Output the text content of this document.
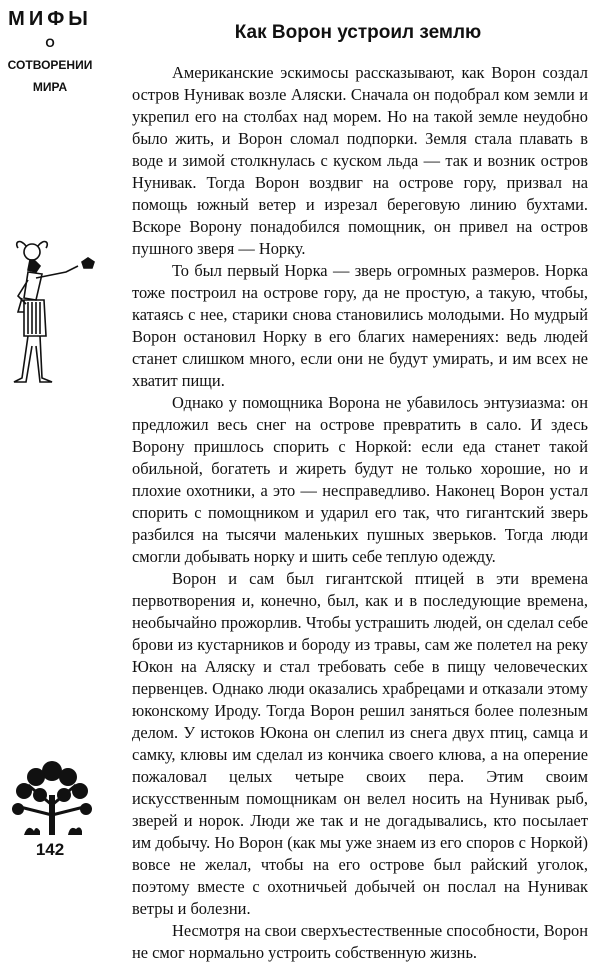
МИФЫ
О СОТВОРЕНИИ
МИРА
142
Как Ворон устроил землю

Американские эскимосы рассказывают, как Ворон создал остров Нунивак возле Аляски. Сначала он подобрал ком земли и укрепил его на столбах над морем. Но на такой земле неудобно было жить, и Ворон сломал подпорки. Земля стала плавать в воде и зимой столкнулась с куском льда — так и возник остров Нунивак. Тогда Ворон воздвиг на острове гору, призвал на помощь южный ветер и изрезал береговую линию бухтами. Вскоре Ворону понадобился помощник, он привел на остров пушного зверя — Норку.

То был первый Норка — зверь огромных размеров. Норка тоже построил на острове гору, да не простую, а такую, чтобы, катаясь с нее, старики снова становились молодыми. Но мудрый Ворон остановил Норку в его благих намерениях: ведь людей станет слишком много, если они не будут умирать, и им всех не хватит пищи.

Однако у помощника Ворона не убавилось энтузиазма: он предложил весь снег на острове превратить в сало. И здесь Ворону пришлось спорить с Норкой: если еда станет такой обильной, богатеть и жиреть будут не только хорошие, но и плохие охотники, а это — несправедливо. Наконец Ворон устал спорить с помощником и ударил его так, что гигантский зверь разбился на тысячи маленьких пушных зверьков. Тогда люди смогли добывать норку и шить себе теплую одежду.

Ворон и сам был гигантской птицей в эти времена первотворения и, конечно, был, как и в последующие времена, необычайно прожорлив. Чтобы устрашить людей, он сделал себе брови из кустарников и бороду из травы, сам же полетел на реку Юкон на Аляску и стал требовать себе в пищу человеческих первенцев. Однако люди оказались храбрецами и отказали этому юконскому Ироду. Тогда Ворон решил заняться более полезным делом. У истоков Юкона он слепил из снега двух птиц, самца и самку, клювы им сделал из кончика своего клюва, а на оперение пожаловал целых четыре своих пера. Этим своим искусственным помощникам он велел носить на Нунивак рыб, зверей и норок. Люди же так и не догадывались, кто посылает им добычу. Но Ворон (как мы уже знаем из его споров с Норкой) вовсе не желал, чтобы на его острове был райский уголок, поэтому вместе с охотничьей добычей он послал на Нунивак ветры и болезни.

Несмотря на свои сверхъестественные способности, Ворон не смог нормально устроить собственную жизнь.
